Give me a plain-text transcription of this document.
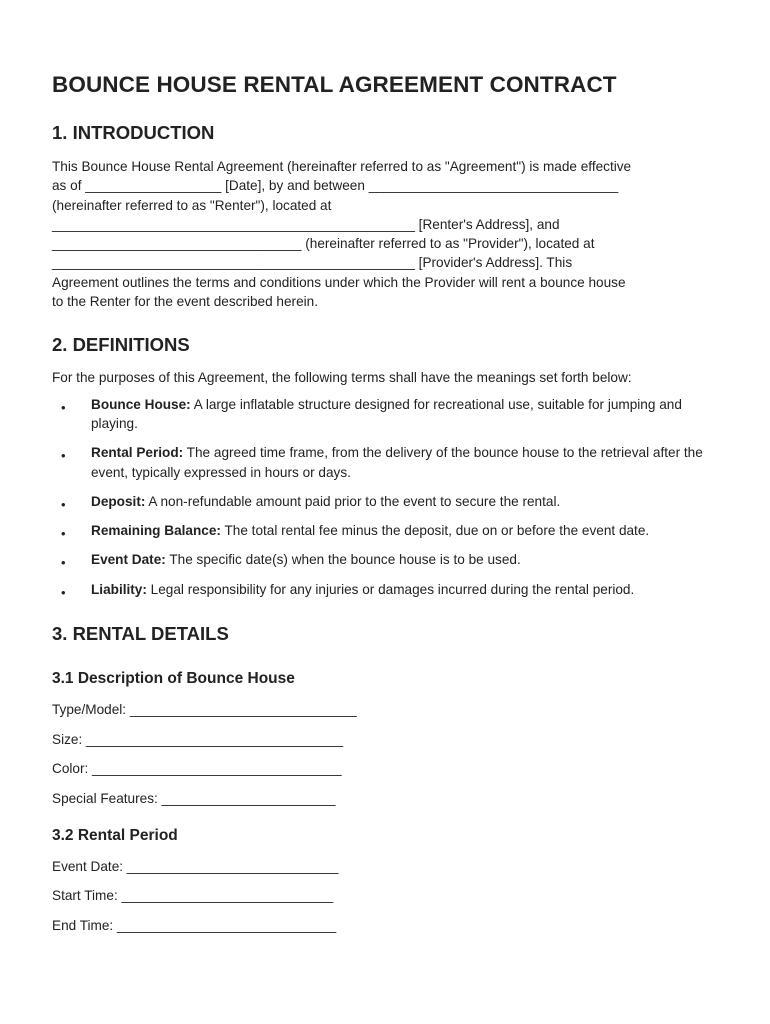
BOUNCE HOUSE RENTAL AGREEMENT CONTRACT
1. INTRODUCTION

This Bounce House Rental Agreement (hereinafter referred to as "Agreement") is made effective
as of __________________ [Date], by and between _________________________________
(hereinafter referred to as "Renter"), located at
________________________________________________ [Renter's Address], and
_________________________________ (hereinafter referred to as "Provider"), located at
________________________________________________ [Provider's Address]. This
Agreement outlines the terms and conditions under which the Provider will rent a bounce house
to the Renter for the event described herein.

2. DEFINITIONS

For the purposes of this Agreement, the following terms shall have the meanings set forth below:

• Bounce House: A large inflatable structure designed for recreational use, suitable for jumping and playing.
• Rental Period: The agreed time frame, from the delivery of the bounce house to the retrieval after the event, typically expressed in hours or days.
• Deposit: A non-refundable amount paid prior to the event to secure the rental.
• Remaining Balance: The total rental fee minus the deposit, due on or before the event date.
• Event Date: The specific date(s) when the bounce house is to be used.
• Liability: Legal responsibility for any injuries or damages incurred during the rental period.
3. RENTAL DETAILS
3.1 Description of Bounce House
Type/Model: ______________________________
Size: __________________________________
Color: _________________________________
Special Features: _______________________
3.2 Rental Period
Event Date: ____________________________
Start Time: ____________________________
End Time: _____________________________
